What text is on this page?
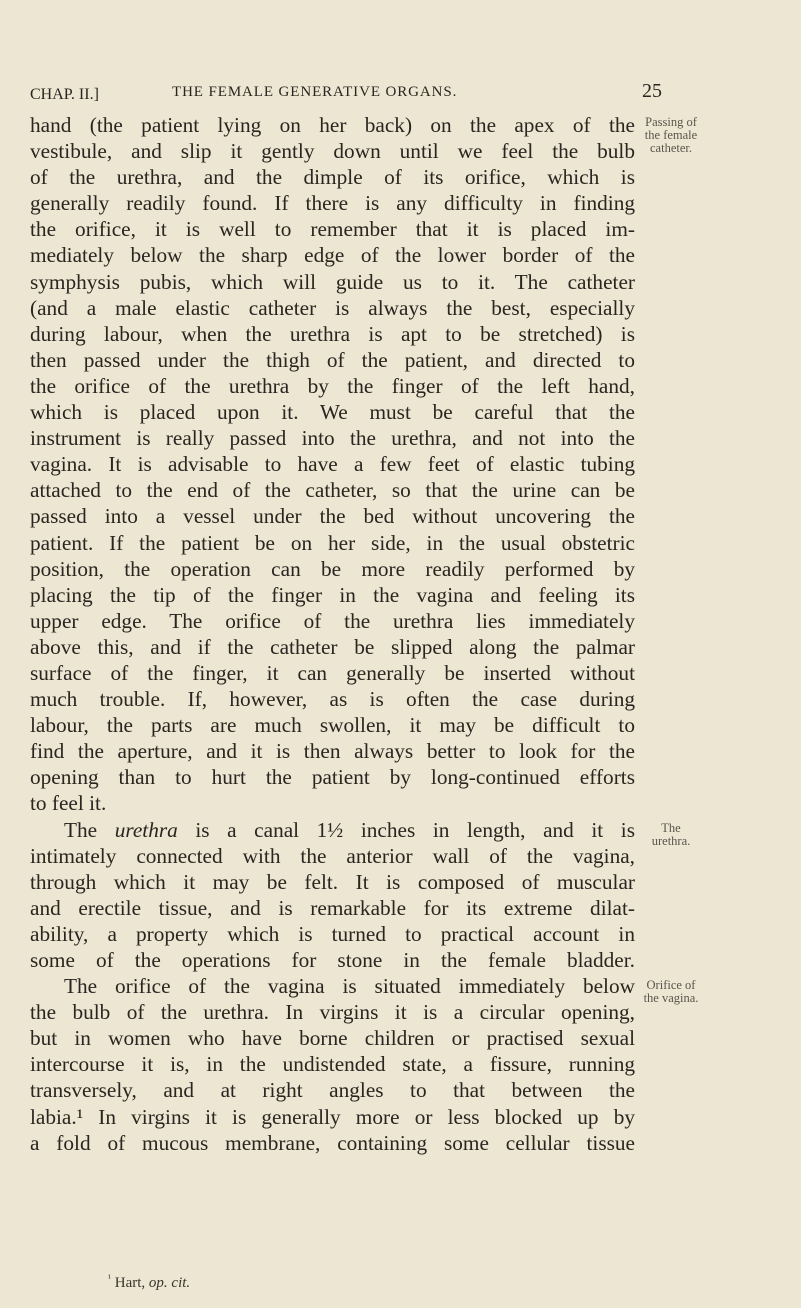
CHAP. II.]	THE FEMALE GENERATIVE ORGANS.	25
hand (the patient lying on her back) on the apex of the
vestibule, and slip it gently down until we feel the bulb
of the urethra, and the dimple of its orifice, which is
generally readily found. If there is any difficulty in finding
the orifice, it is well to remember that it is placed im-
mediately below the sharp edge of the lower border of the
symphysis pubis, which will guide us to it. The catheter
(and a male elastic catheter is always the best, especially
during labour, when the urethra is apt to be stretched) is
then passed under the thigh of the patient, and directed to
the orifice of the urethra by the finger of the left hand,
which is placed upon it. We must be careful that the
instrument is really passed into the urethra, and not into the
vagina. It is advisable to have a few feet of elastic tubing
attached to the end of the catheter, so that the urine can be
passed into a vessel under the bed without uncovering the
patient. If the patient be on her side, in the usual obstetric
position, the operation can be more readily performed by
placing the tip of the finger in the vagina and feeling its
upper edge. The orifice of the urethra lies immediately
above this, and if the catheter be slipped along the palmar
surface of the finger, it can generally be inserted without
much trouble. If, however, as is often the case during
labour, the parts are much swollen, it may be difficult to
find the aperture, and it is then always better to look for the
opening than to hurt the patient by long-continued efforts
to feel it.
The urethra is a canal 1½ inches in length, and it is
intimately connected with the anterior wall of the vagina,
through which it may be felt. It is composed of muscular
and erectile tissue, and is remarkable for its extreme dilat-
ability, a property which is turned to practical account in
some of the operations for stone in the female bladder.
The orifice of the vagina is situated immediately below
the bulb of the urethra. In virgins it is a circular opening,
but in women who have borne children or practised sexual
intercourse it is, in the undistended state, a fissure, running
transversely, and at right angles to that between the
labia.¹ In virgins it is generally more or less blocked up by
a fold of mucous membrane, containing some cellular tissue
Passing of
the female
catheter.
The
urethra.
Orifice of
the vagina.
$^{^1}$ Hart, op. cit.
